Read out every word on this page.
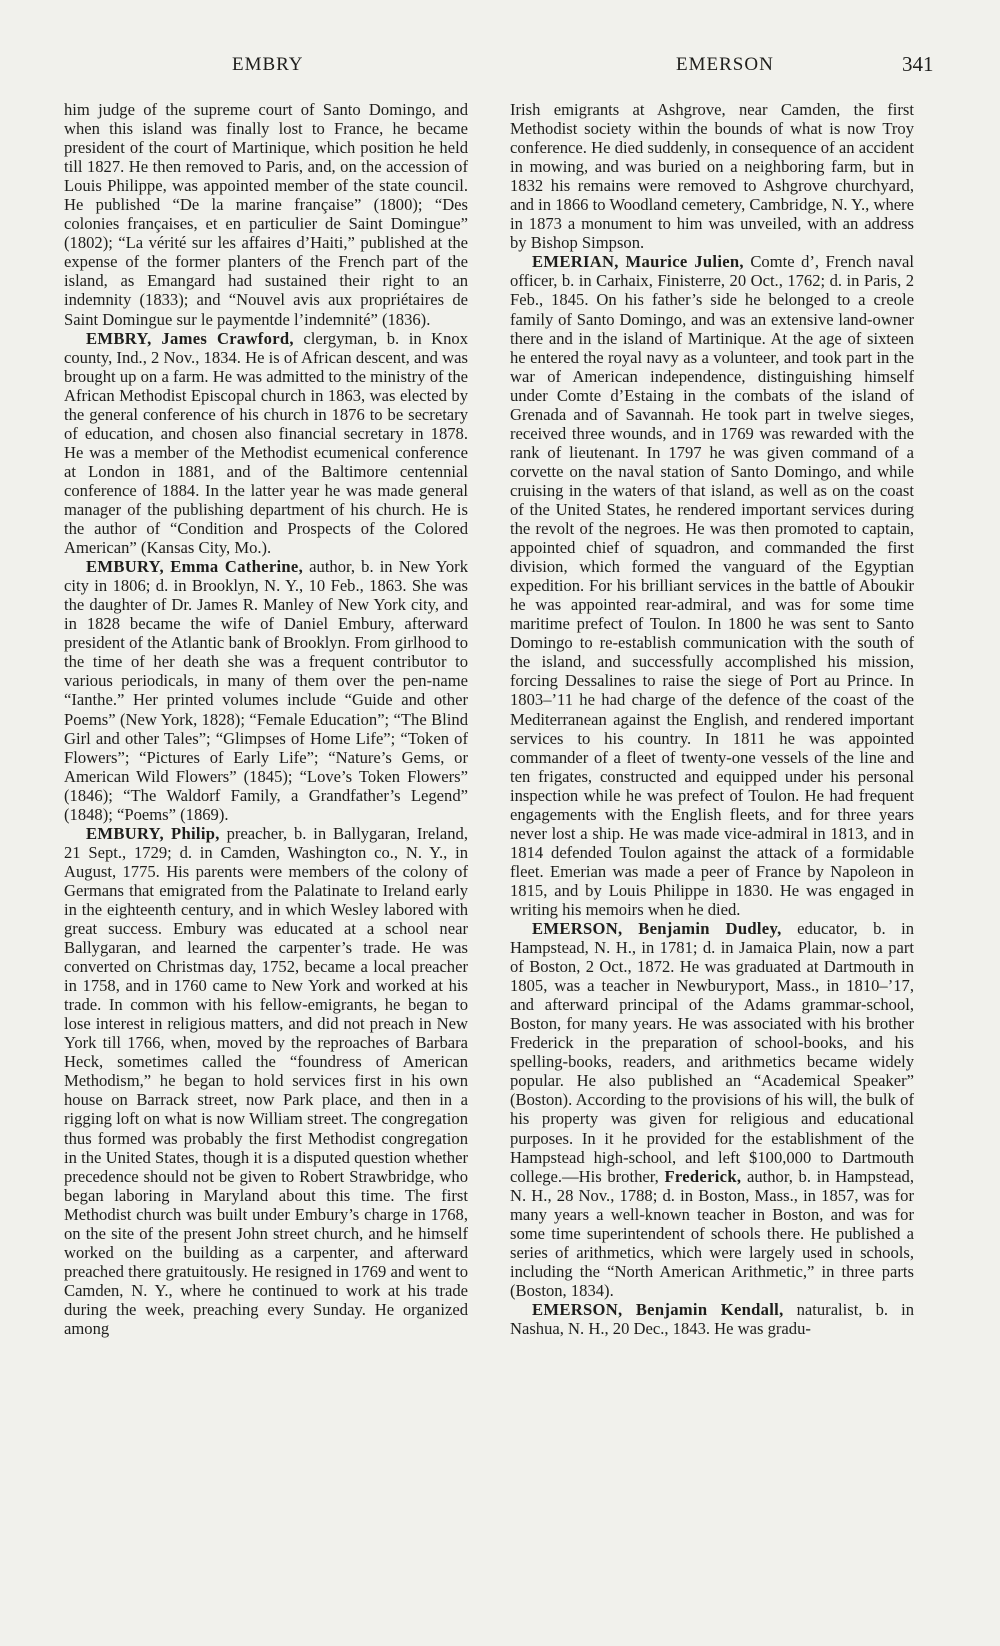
EMBRY	EMERSON	341

him judge of the supreme court of Santo Domingo, and when this island was finally lost to France, he became president of the court of Martinique, which position he held till 1827. He then removed to Paris, and, on the accession of Louis Philippe, was appointed member of the state council. He published “De la marine française” (1800); “Des colonies françaises, et en particulier de Saint Domingue” (1802); “La vérité sur les affaires d’Haiti,” published at the expense of the former planters of the French part of the island, as Emangard had sustained their right to an indemnity (1833); and “Nouvel avis aux propriétaires de Saint Domingue sur le paymentde l’indemnité” (1836).

EMBRY, James Crawford, clergyman, b. in Knox county, Ind., 2 Nov., 1834. He is of African descent, and was brought up on a farm. He was admitted to the ministry of the African Methodist Episcopal church in 1863, was elected by the general conference of his church in 1876 to be secretary of education, and chosen also financial secretary in 1878. He was a member of the Methodist ecumenical conference at London in 1881, and of the Baltimore centennial conference of 1884. In the latter year he was made general manager of the publishing department of his church. He is the author of “Condition and Prospects of the Colored American” (Kansas City, Mo.).

EMBURY, Emma Catherine, author, b. in New York city in 1806; d. in Brooklyn, N. Y., 10 Feb., 1863. She was the daughter of Dr. James R. Manley of New York city, and in 1828 became the wife of Daniel Embury, afterward president of the Atlantic bank of Brooklyn. From girlhood to the time of her death she was a frequent contributor to various periodicals, in many of them over the pen-name “Ianthe.” Her printed volumes include “Guide and other Poems” (New York, 1828); “Female Education”; “The Blind Girl and other Tales”; “Glimpses of Home Life”; “Token of Flowers”; “Pictures of Early Life”; “Nature’s Gems, or American Wild Flowers” (1845); “Love’s Token Flowers” (1846); “The Waldorf Family, a Grandfather’s Legend” (1848); “Poems” (1869).

EMBURY, Philip, preacher, b. in Ballygaran, Ireland, 21 Sept., 1729; d. in Camden, Washington co., N. Y., in August, 1775. His parents were members of the colony of Germans that emigrated from the Palatinate to Ireland early in the eighteenth century, and in which Wesley labored with great success. Embury was educated at a school near Ballygaran, and learned the carpenter’s trade. He was converted on Christmas day, 1752, became a local preacher in 1758, and in 1760 came to New York and worked at his trade. In common with his fellow-emigrants, he began to lose interest in religious matters, and did not preach in New York till 1766, when, moved by the reproaches of Barbara Heck, sometimes called the “foundress of American Methodism,” he began to hold services first in his own house on Barrack street, now Park place, and then in a rigging loft on what is now William street. The congregation thus formed was probably the first Methodist congregation in the United States, though it is a disputed question whether precedence should not be given to Robert Strawbridge, who began laboring in Maryland about this time. The first Methodist church was built under Embury’s charge in 1768, on the site of the present John street church, and he himself worked on the building as a carpenter, and afterward preached there gratuitously. He resigned in 1769 and went to Camden, N. Y., where he continued to work at his trade during the week, preaching every Sunday. He organized among

Irish emigrants at Ashgrove, near Camden, the first Methodist society within the bounds of what is now Troy conference. He died suddenly, in consequence of an accident in mowing, and was buried on a neighboring farm, but in 1832 his remains were removed to Ashgrove churchyard, and in 1866 to Woodland cemetery, Cambridge, N. Y., where in 1873 a monument to him was unveiled, with an address by Bishop Simpson.

EMERIAN, Maurice Julien, Comte d’, French naval officer, b. in Carhaix, Finisterre, 20 Oct., 1762; d. in Paris, 2 Feb., 1845. On his father’s side he belonged to a creole family of Santo Domingo, and was an extensive land-owner there and in the island of Martinique. At the age of sixteen he entered the royal navy as a volunteer, and took part in the war of American independence, distinguishing himself under Comte d’Estaing in the combats of the island of Grenada and of Savannah. He took part in twelve sieges, received three wounds, and in 1769 was rewarded with the rank of lieutenant. In 1797 he was given command of a corvette on the naval station of Santo Domingo, and while cruising in the waters of that island, as well as on the coast of the United States, he rendered important services during the revolt of the negroes. He was then promoted to captain, appointed chief of squadron, and commanded the first division, which formed the vanguard of the Egyptian expedition. For his brilliant services in the battle of Aboukir he was appointed rear-admiral, and was for some time maritime prefect of Toulon. In 1800 he was sent to Santo Domingo to re-establish communication with the south of the island, and successfully accomplished his mission, forcing Dessalines to raise the siege of Port au Prince. In 1803–’11 he had charge of the defence of the coast of the Mediterranean against the English, and rendered important services to his country. In 1811 he was appointed commander of a fleet of twenty-one vessels of the line and ten frigates, constructed and equipped under his personal inspection while he was prefect of Toulon. He had frequent engagements with the English fleets, and for three years never lost a ship. He was made vice-admiral in 1813, and in 1814 defended Toulon against the attack of a formidable fleet. Emerian was made a peer of France by Napoleon in 1815, and by Louis Philippe in 1830. He was engaged in writing his memoirs when he died.

EMERSON, Benjamin Dudley, educator, b. in Hampstead, N. H., in 1781; d. in Jamaica Plain, now a part of Boston, 2 Oct., 1872. He was graduated at Dartmouth in 1805, was a teacher in Newburyport, Mass., in 1810–’17, and afterward principal of the Adams grammar-school, Boston, for many years. He was associated with his brother Frederick in the preparation of school-books, and his spelling-books, readers, and arithmetics became widely popular. He also published an “Academical Speaker” (Boston). According to the provisions of his will, the bulk of his property was given for religious and educational purposes. In it he provided for the establishment of the Hampstead high-school, and left $100,000 to Dartmouth college.—His brother, Frederick, author, b. in Hampstead, N. H., 28 Nov., 1788; d. in Boston, Mass., in 1857, was for many years a well-known teacher in Boston, and was for some time superintendent of schools there. He published a series of arithmetics, which were largely used in schools, including the “North American Arithmetic,” in three parts (Boston, 1834).

EMERSON, Benjamin Kendall, naturalist, b. in Nashua, N. H., 20 Dec., 1843. He was gradu-
